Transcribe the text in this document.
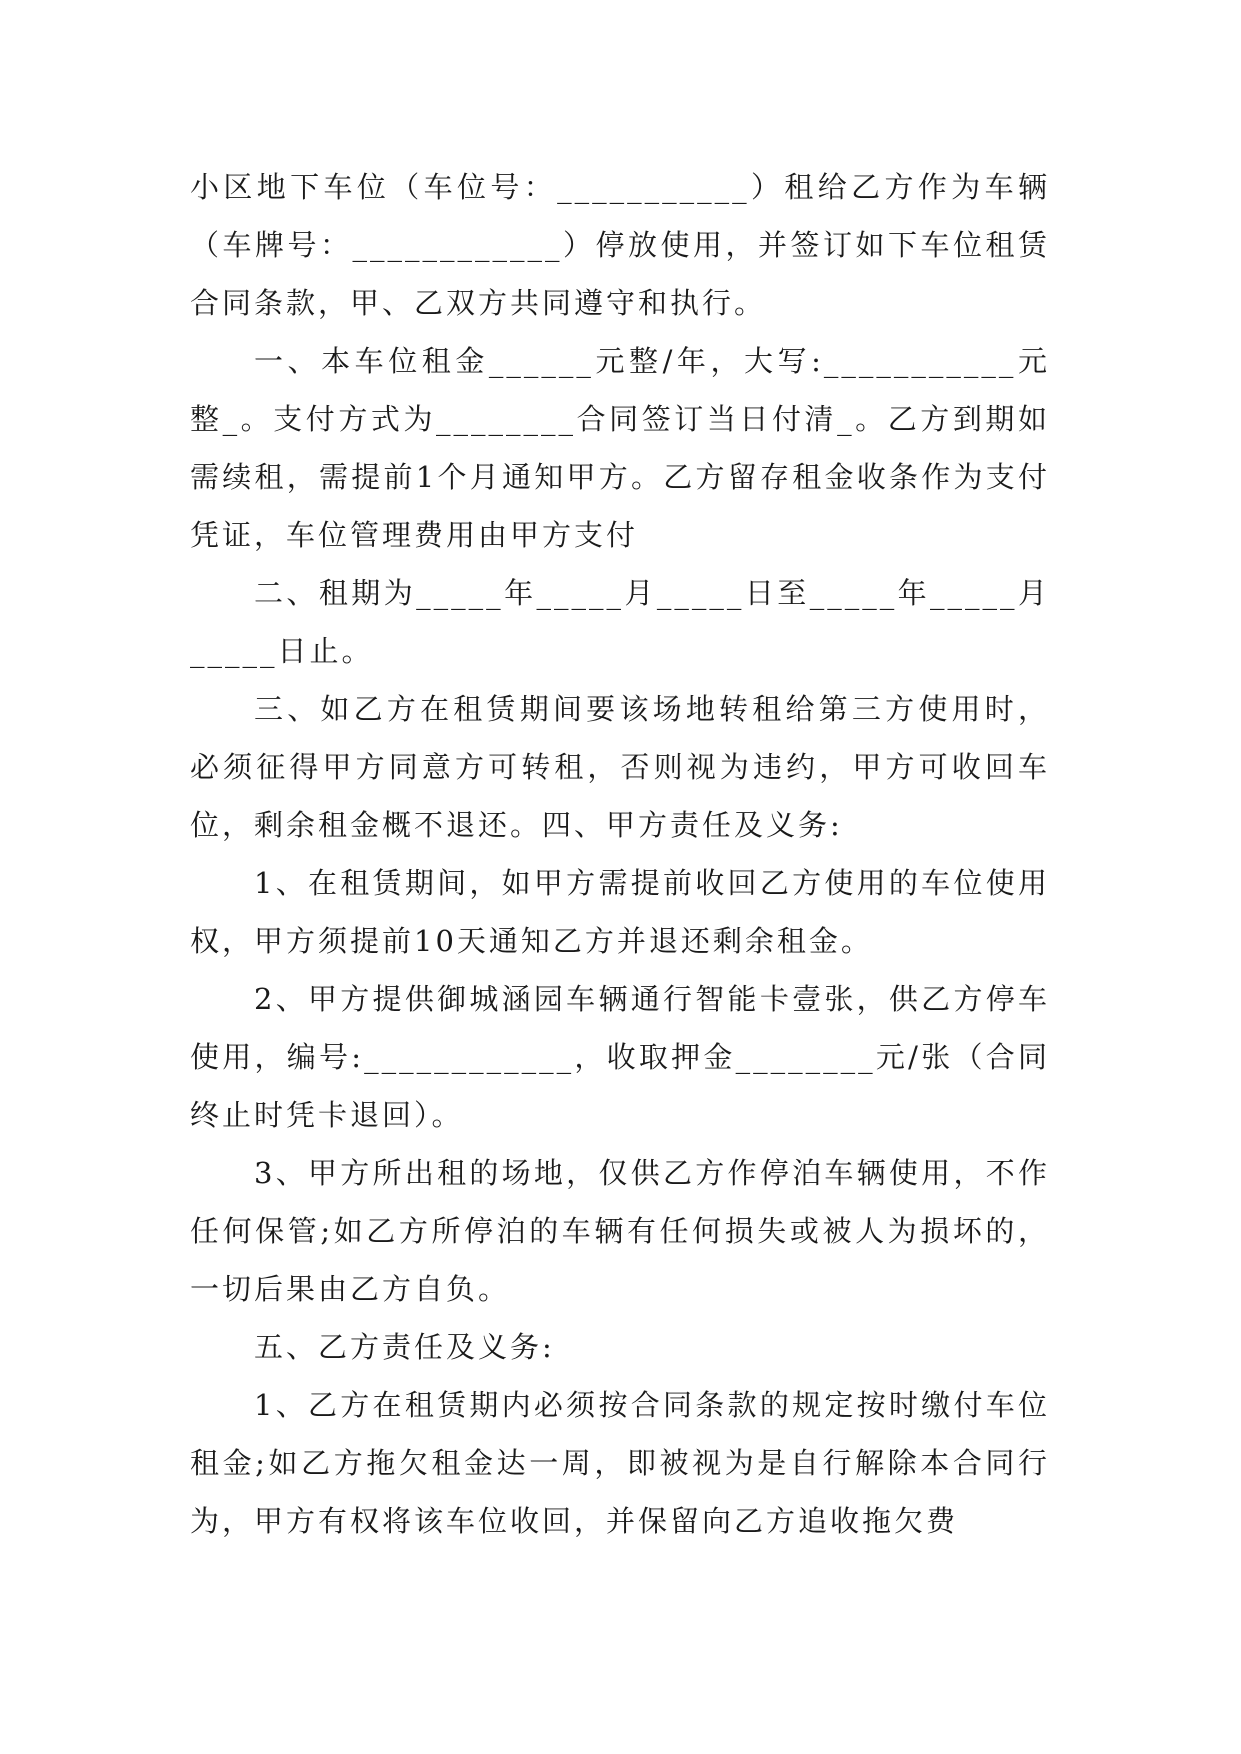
小区地下车位（车位号：___________）租给乙方作为车辆（车牌号：____________）停放使用，并签订如下车位租赁合同条款，甲、乙双方共同遵守和执行。

一、本车位租金______元整/年，大写:___________元整_。支付方式为________合同签订当日付清_。乙方到期如需续租，需提前1个月通知甲方。乙方留存租金收条作为支付凭证，车位管理费用由甲方支付

二、租期为_____年_____月_____日至_____年_____月_____日止。

三、如乙方在租赁期间要该场地转租给第三方使用时，必须征得甲方同意方可转租，否则视为违约，甲方可收回车位，剩余租金概不退还。四、甲方责任及义务:

1、在租赁期间，如甲方需提前收回乙方使用的车位使用权，甲方须提前10天通知乙方并退还剩余租金。

2、甲方提供御城涵园车辆通行智能卡壹张，供乙方停车使用，编号:____________，收取押金________元/张（合同终止时凭卡退回）。

3、甲方所出租的场地，仅供乙方作停泊车辆使用，不作任何保管;如乙方所停泊的车辆有任何损失或被人为损坏的，一切后果由乙方自负。

五、乙方责任及义务:

1、乙方在租赁期内必须按合同条款的规定按时缴付车位租金;如乙方拖欠租金达一周，即被视为是自行解除本合同行为，甲方有权将该车位收回，并保留向乙方追收拖欠费
